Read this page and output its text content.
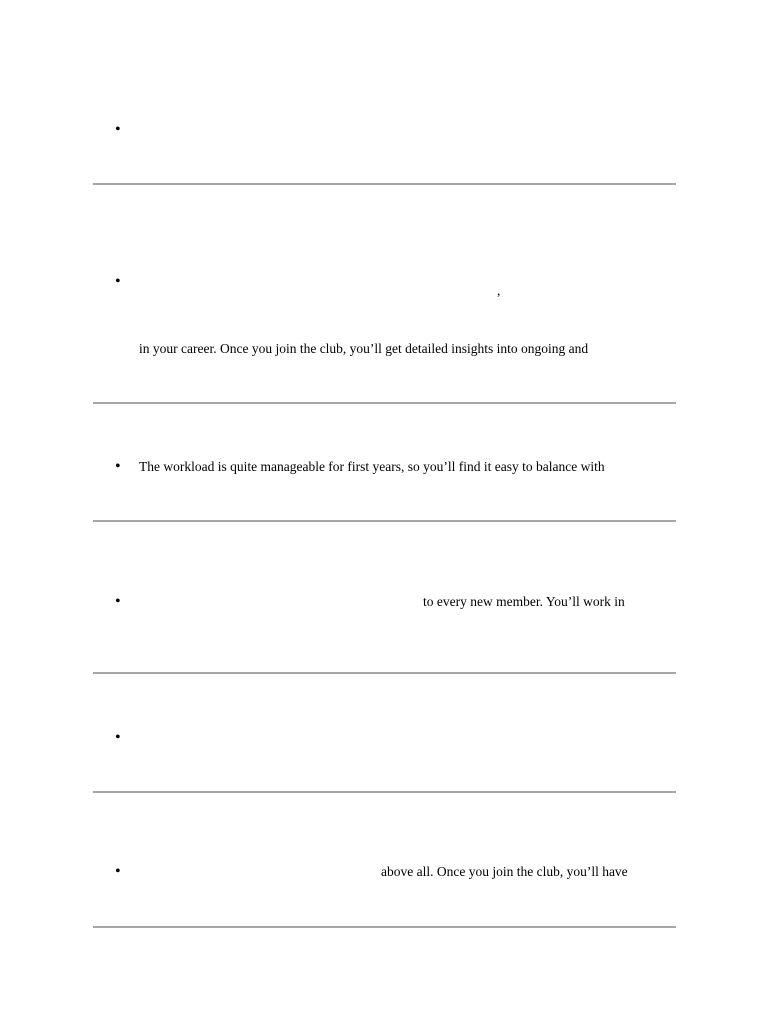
•
•
,
in your career. Once you join the club, you’ll get detailed insights into ongoing and
•
The workload is quite manageable for first years, so you’ll find it easy to balance with
•
to every new member. You’ll work in
•
•
above all. Once you join the club, you’ll have
